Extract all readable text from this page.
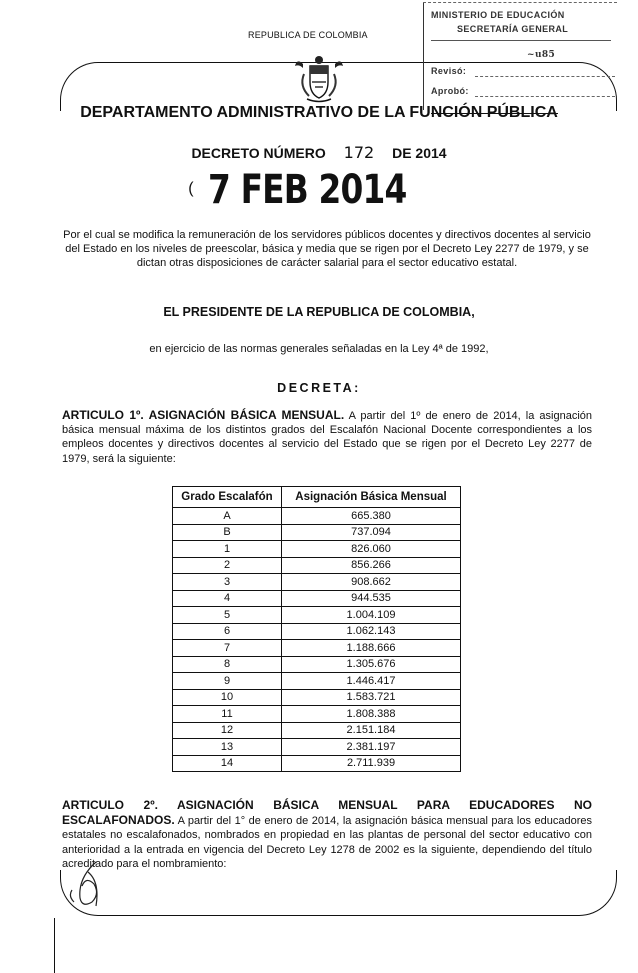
REPUBLICA DE COLOMBIA
MINISTERIO DE EDUCACIÓN
SECRETARÍA GENERAL
~u85
Revisó:
Aprobó:
DEPARTAMENTO ADMINISTRATIVO DE LA FUNCIÓN PÚBLICA
DECRETO NÚMERO 172 DE 2014
( 7 FEB 2014
Por el cual se modifica la remuneración de los servidores públicos docentes y directivos docentes al servicio del Estado en los niveles de preescolar, básica y media que se rigen por el Decreto Ley 2277 de 1979, y se dictan otras disposiciones de carácter salarial para el sector educativo estatal.
EL PRESIDENTE DE LA REPUBLICA DE COLOMBIA,
en ejercicio de las normas generales señaladas en la Ley 4ª de 1992,
DECRETA:
ARTICULO 1º. ASIGNACIÓN BÁSICA MENSUAL. A partir del 1º de enero de 2014, la asignación básica mensual máxima de los distintos grados del Escalafón Nacional Docente correspondientes a los empleos docentes y directivos docentes al servicio del Estado que se rigen por el Decreto Ley 2277 de 1979, será la siguiente:
Grado Escalafón	Asignación Básica Mensual
A	665.380
B	737.094
1	826.060
2	856.266
3	908.662
4	944.535
5	1.004.109
6	1.062.143
7	1.188.666
8	1.305.676
9	1.446.417
10	1.583.721
11	1.808.388
12	2.151.184
13	2.381.197
14	2.711.939
ARTICULO 2º. ASIGNACIÓN BÁSICA MENSUAL PARA EDUCADORES NO ESCALAFONADOS. A partir del 1° de enero de 2014, la asignación básica mensual para los educadores estatales no escalafonados, nombrados en propiedad en las plantas de personal del sector educativo con anterioridad a la entrada en vigencia del Decreto Ley 1278 de 2002 es la siguiente, dependiendo del título acreditado para el nombramiento:
